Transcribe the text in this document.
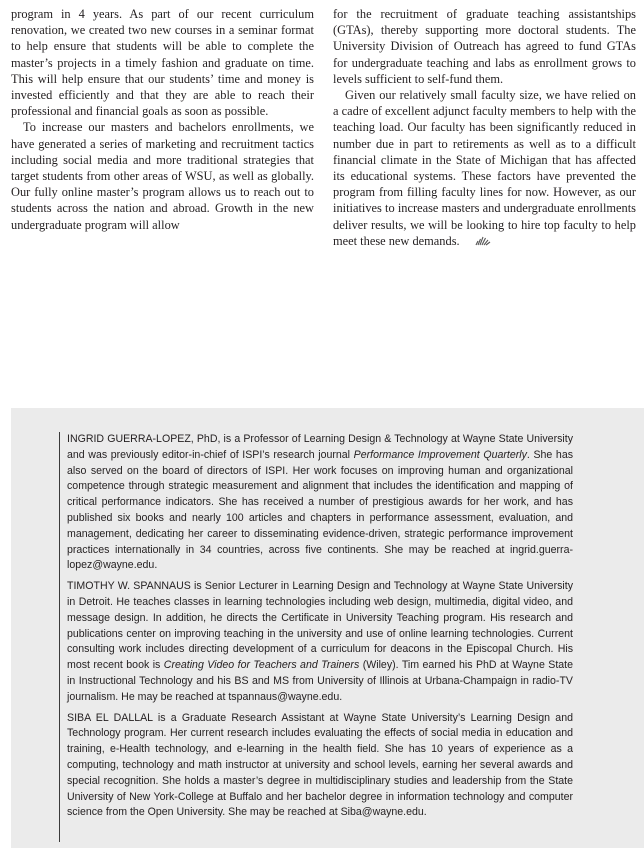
program in 4 years. As part of our recent curriculum renovation, we created two new courses in a seminar format to help ensure that students will be able to complete the master’s projects in a timely fashion and graduate on time. This will help ensure that our students’ time and money is invested efficiently and that they are able to reach their professional and financial goals as soon as possible.

To increase our masters and bachelors enrollments, we have generated a series of marketing and recruitment tactics including social media and more traditional strategies that target students from other areas of WSU, as well as globally. Our fully online master’s program allows us to reach out to students across the nation and abroad. Growth in the new undergraduate program will allow

for the recruitment of graduate teaching assistantships (GTAs), thereby supporting more doctoral students. The University Division of Outreach has agreed to fund GTAs for undergraduate teaching and labs as enrollment grows to levels sufficient to self-fund them.

Given our relatively small faculty size, we have relied on a cadre of excellent adjunct faculty members to help with the teaching load. Our faculty has been significantly reduced in number due in part to retirements as well as to a difficult financial climate in the State of Michigan that has affected its educational systems. These factors have prevented the program from filling faculty lines for now. However, as our initiatives to increase masters and undergraduate enrollments deliver results, we will be looking to hire top faculty to help meet these new demands.

INGRID GUERRA-LOPEZ, PhD, is a Professor of Learning Design & Technology at Wayne State University and was previously editor-in-chief of ISPI’s research journal Performance Improvement Quarterly. She has also served on the board of directors of ISPI. Her work focuses on improving human and organizational competence through strategic measurement and alignment that includes the identification and mapping of critical performance indicators. She has received a number of prestigious awards for her work, and has published six books and nearly 100 articles and chapters in performance assessment, evaluation, and management, dedicating her career to disseminating evidence-driven, strategic performance improvement practices internationally in 34 countries, across five continents. She may be reached at ingrid.guerra-lopez@wayne.edu.

TIMOTHY W. SPANNAUS is Senior Lecturer in Learning Design and Technology at Wayne State University in Detroit. He teaches classes in learning technologies including web design, multimedia, digital video, and message design. In addition, he directs the Certificate in University Teaching program. His research and publications center on improving teaching in the university and use of online learning technologies. Current consulting work includes directing development of a curriculum for deacons in the Episcopal Church. His most recent book is Creating Video for Teachers and Trainers (Wiley). Tim earned his PhD at Wayne State in Instructional Technology and his BS and MS from University of Illinois at Urbana-Champaign in radio-TV journalism. He may be reached at tspannaus@wayne.edu.

SIBA EL DALLAL is a Graduate Research Assistant at Wayne State University’s Learning Design and Technology program. Her current research includes evaluating the effects of social media in education and training, e-Health technology, and e-learning in the health field. She has 10 years of experience as a computing, technology and math instructor at university and school levels, earning her several awards and special recognition. She holds a master’s degree in multidisciplinary studies and leadership from the State University of New York-College at Buffalo and her bachelor degree in information technology and computer science from the Open University. She may be reached at Siba@wayne.edu.
